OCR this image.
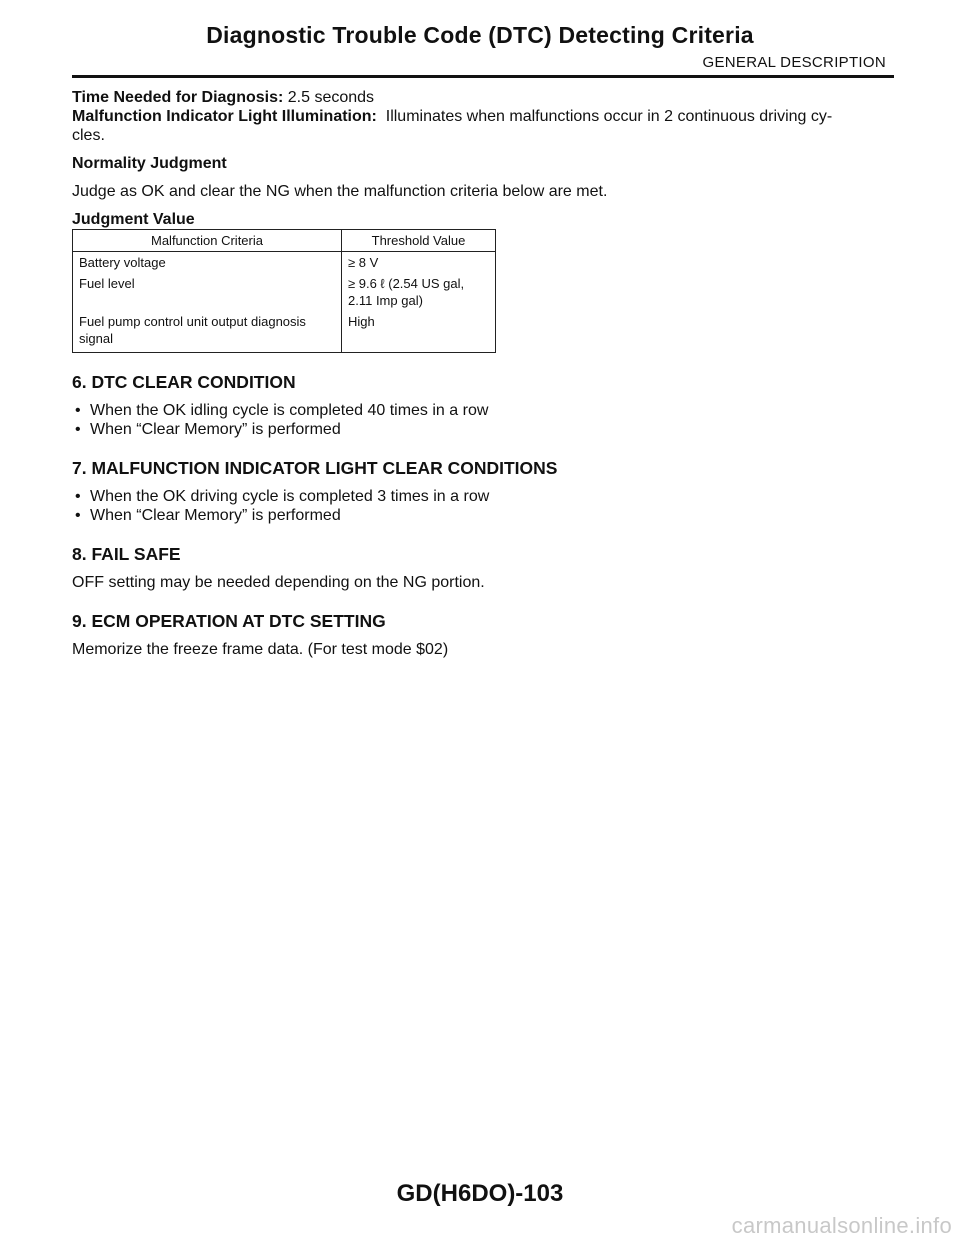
Diagnostic Trouble Code (DTC) Detecting Criteria
GENERAL DESCRIPTION

Time Needed for Diagnosis: 2.5 seconds

Malfunction Indicator Light Illumination: Illuminates when malfunctions occur in 2 continuous driving cy-

cles.

Normality Judgment

Judge as OK and clear the NG when the malfunction criteria below are met.

Judgment Value

Malfunction Criteria	Threshold Value
Battery voltage	≥ 8 V
Fuel level	≥ 9.6 ℓ (2.54 US gal,
2.11 Imp gal)

Fuel pump control unit output diagnosis signal	High
6. DTC CLEAR CONDITION
• When the OK idling cycle is completed 40 times in a row
• When “Clear Memory” is performed
7. MALFUNCTION INDICATOR LIGHT CLEAR CONDITIONS
• When the OK driving cycle is completed 3 times in a row
• When “Clear Memory” is performed
8. FAIL SAFE

OFF setting may be needed depending on the NG portion.

9. ECM OPERATION AT DTC SETTING

Memorize the freeze frame data. (For test mode $02)

GD(H6DO)-103
carmanualsonline.info
